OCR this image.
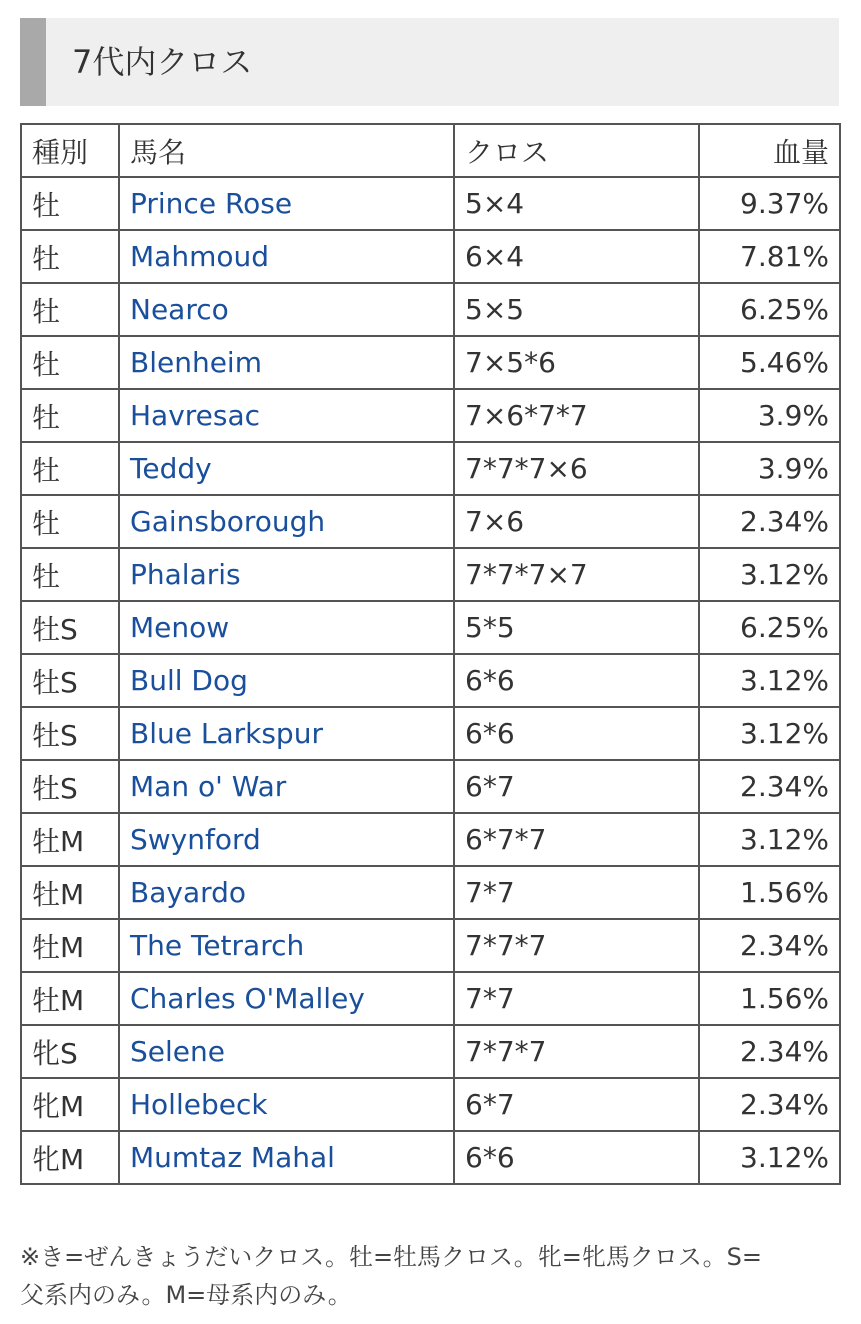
7代内クロス
種別	馬名	クロス	血量
牡	Prince Rose	5×4	9.37%
牡	Mahmoud	6×4	7.81%
牡	Nearco	5×5	6.25%
牡	Blenheim	7×5*6	5.46%
牡	Havresac	7×6*7*7	3.9%
牡	Teddy	7*7*7×6	3.9%
牡	Gainsborough	7×6	2.34%
牡	Phalaris	7*7*7×7	3.12%
牡S	Menow	5*5	6.25%
牡S	Bull Dog	6*6	3.12%
牡S	Blue Larkspur	6*6	3.12%
牡S	Man o' War	6*7	2.34%
牡M	Swynford	6*7*7	3.12%
牡M	Bayardo	7*7	1.56%
牡M	The Tetrarch	7*7*7	2.34%
牡M	Charles O'Malley	7*7	1.56%
牝S	Selene	7*7*7	2.34%
牝M	Hollebeck	6*7	2.34%
牝M	Mumtaz Mahal	6*6	3.12%
※き=ぜんきょうだいクロス。牡=牡馬クロス。牝=牝馬クロス。S=
父系内のみ。M=母系内のみ。
